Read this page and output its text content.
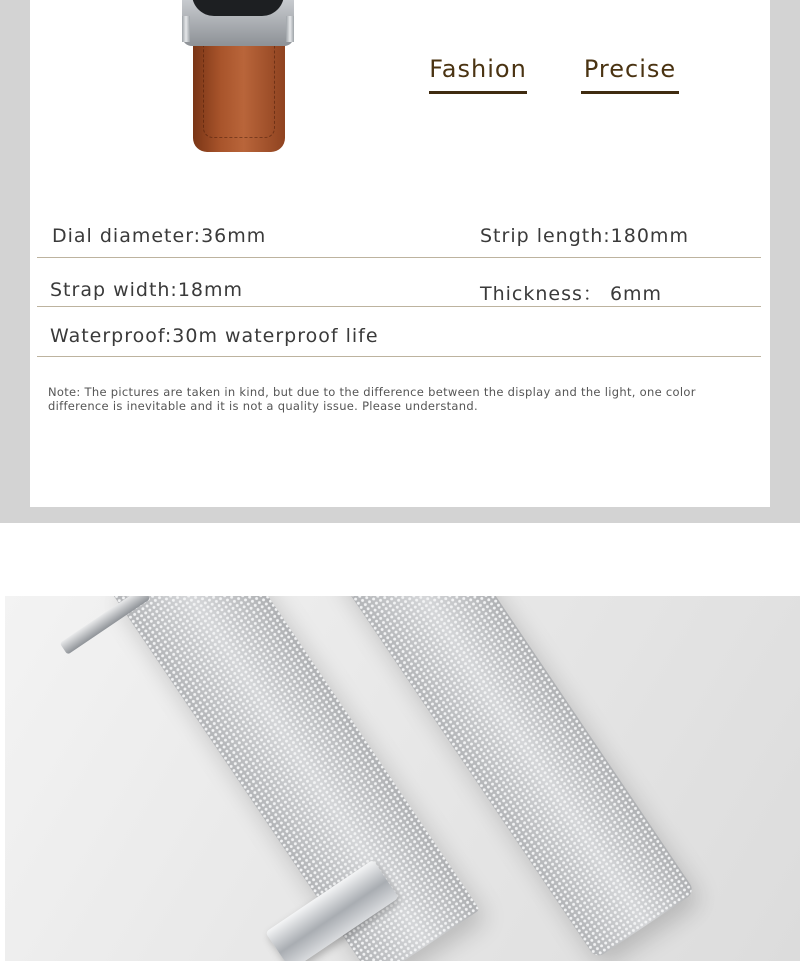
Fashion Precise
Dial diameter:36mm	Strip length:180mm
Strap width:18mm	Thickness： 6mm
Waterproof:30m waterproof life
Note: The pictures are taken in kind, but due to the difference between the display and the light, one color difference is inevitable and it is not a quality issue. Please understand.
